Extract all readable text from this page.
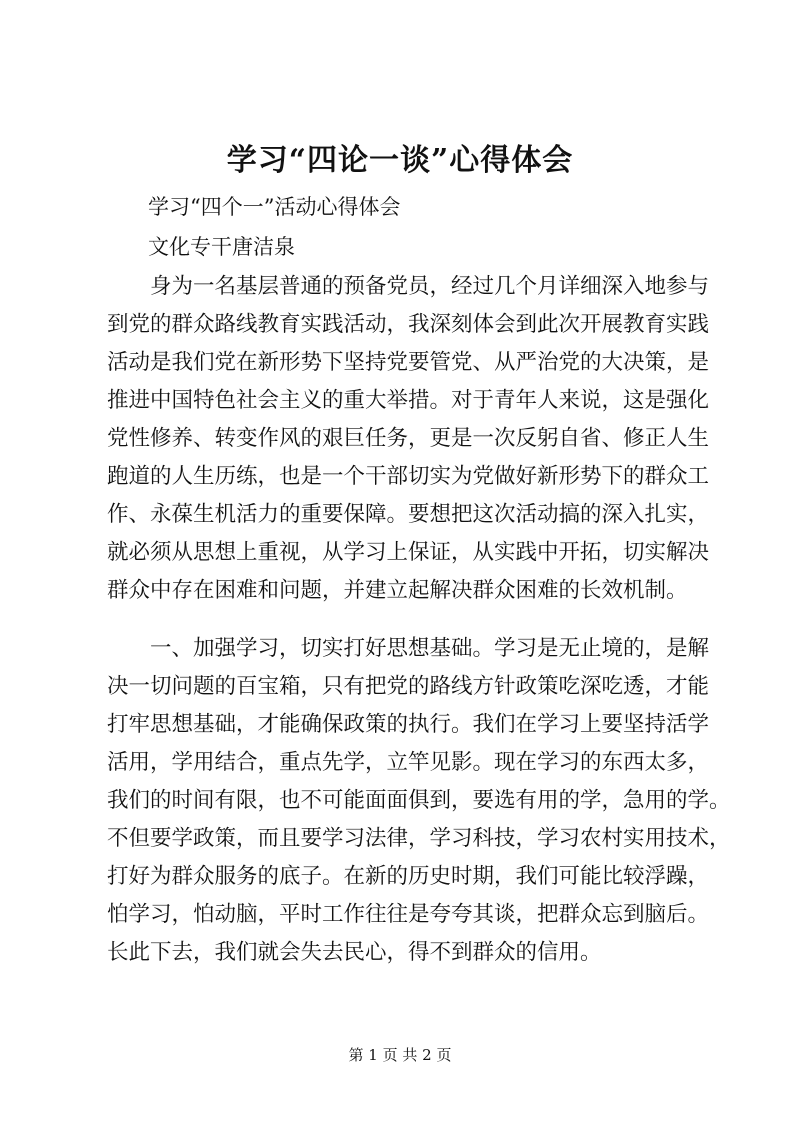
学习“四论一谈”心得体会
学习“四个一”活动心得体会
文化专干唐洁泉
　　身为一名基层普通的预备党员，经过几个月详细深入地参与
到党的群众路线教育实践活动，我深刻体会到此次开展教育实践
活动是我们党在新形势下坚持党要管党、从严治党的大决策，是
推进中国特色社会主义的重大举措。对于青年人来说，这是强化
党性修养、转变作风的艰巨任务，更是一次反躬自省、修正人生
跑道的人生历练，也是一个干部切实为党做好新形势下的群众工
作、永葆生机活力的重要保障。要想把这次活动搞的深入扎实，
就必须从思想上重视，从学习上保证，从实践中开拓，切实解决
群众中存在困难和问题，并建立起解决群众困难的长效机制。
　　一、加强学习，切实打好思想基础。学习是无止境的，是解
决一切问题的百宝箱，只有把党的路线方针政策吃深吃透，才能
打牢思想基础，才能确保政策的执行。我们在学习上要坚持活学
活用，学用结合，重点先学，立竿见影。现在学习的东西太多，
我们的时间有限，也不可能面面俱到，要选有用的学，急用的学。
不但要学政策，而且要学习法律，学习科技，学习农村实用技术，
打好为群众服务的底子。在新的历史时期，我们可能比较浮躁，
怕学习，怕动脑，平时工作往往是夸夸其谈，把群众忘到脑后。
长此下去，我们就会失去民心，得不到群众的信用。
第 1 页 共 2 页
